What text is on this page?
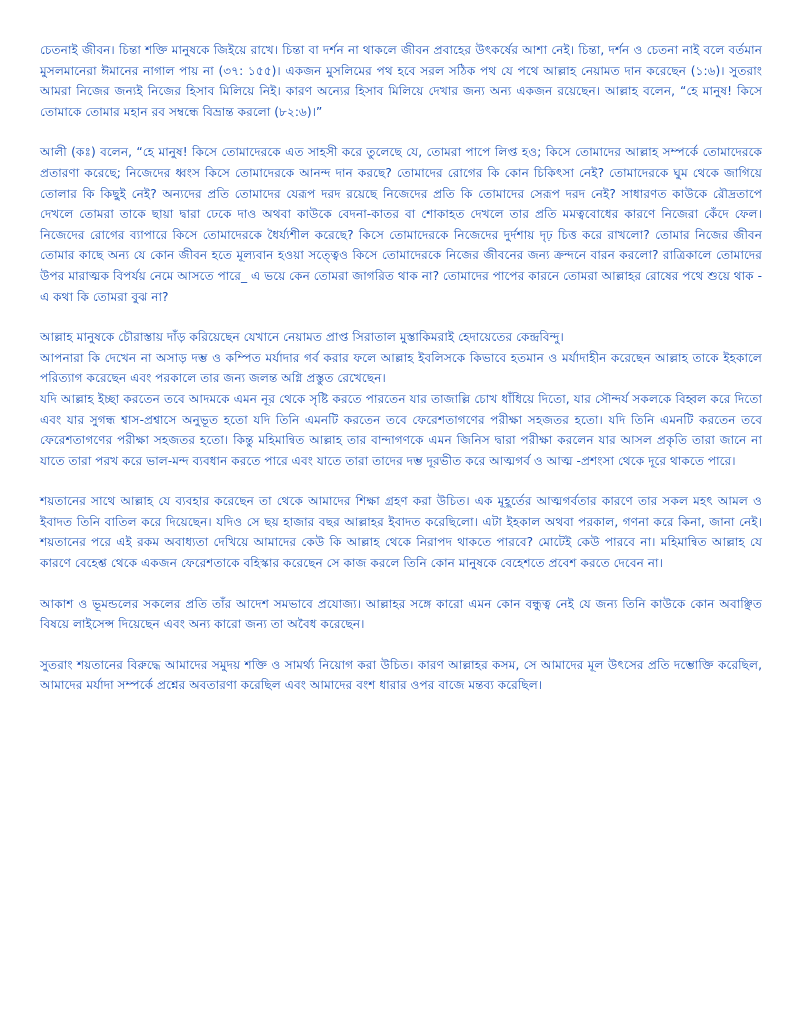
চেতনাই জীবন। চিন্তা শক্তি মানুষকে জিইয়ে রাখে। চিন্তা বা দর্শন না থাকলে জীবন প্রবাহের উৎকর্ষের আশা নেই। চিন্তা, দর্শন ও চেতনা নাই বলে বর্তমান মুসলমানেরা ঈমানের নাগাল পায় না (৩৭: ১৫৫)। একজন মুসলিমের পথ হবে সরল সঠিক পথ যে পথে আল্লাহ নেয়ামত দান করেছেন (১:৬)। সুতরাং আমরা নিজের জন্যই নিজের হিসাব মিলিয়ে নিই। কারণ অন্যের হিসাব মিলিয়ে দেখার জন্য অন্য একজন রয়েছেন। আল্লাহ বলেন, “হে মানুষ! কিসে তোমাকে তোমার মহান রব সম্বন্ধে বিভ্রান্ত করলো (৮২:৬)।”

আলী (কঃ) বলেন, “হে মানুষ! কিসে তোমাদেরকে এত সাহসী করে তুলেছে যে, তোমরা পাপে লিপ্ত হও; কিসে তোমাদের আল্লাহ সম্পর্কে তোমাদেরকে প্রতারণা করেছে; নিজেদের ধ্বংস কিসে তোমাদেরকে আনন্দ দান করছে? তোমাদের রোগের কি কোন চিকিৎসা নেই? তোমাদেরকে ঘুম থেকে জাগিয়ে তোলার কি কিছুই নেই? অন্যদের প্রতি তোমাদের যেরূপ দরদ রয়েছে নিজেদের প্রতি কি তোমাদের সেরূপ দরদ নেই? সাধারণত কাউকে রৌদ্রতাপে দেখলে তোমরা তাকে ছায়া দ্বারা ঢেকে দাও অথবা কাউকে বেদনা-কাতর বা শোকাহত দেখলে তার প্রতি মমত্ববোধের কারণে নিজেরা কেঁদে ফেল। নিজেদের রোগের ব্যাপারে কিসে তোমাদেরকে ধৈর্য্যশীল করেছে? কিসে তোমাদেরকে নিজেদের দুর্দশায় দৃঢ় চিত্ত করে রাখলো? তোমার নিজের জীবন তোমার কাছে অন্য যে কোন জীবন হতে মূল্যবান হওয়া সত্ত্বেও কিসে তোমাদেরকে নিজের জীবনের জন্য ক্রন্দনে বারন করলো? রাত্রিকালে তোমাদের উপর মারাত্মক বিপর্যয় নেমে আসতে পারে_ এ ভয়ে কেন তোমরা জাগরিত থাক না? তোমাদের পাপের কারনে তোমরা আল্লাহর রোষের পথে শুয়ে থাক - এ কথা কি তোমরা বুঝ না?

আল্লাহ মানুষকে চৌরাস্তায় দাঁড় করিয়েছেন যেখানে নেয়ামত প্রাপ্ত সিরাতাল মুস্তাকিমরাই হেদায়েতের কেন্দ্রবিন্দু।

আপনারা কি দেখেন না অসাড় দম্ভ ও কম্পিত মর্যাদার গর্ব করার ফলে আল্লাহ ইবলিসকে কিভাবে হতমান ও মর্যাদাহীন করেছেন আল্লাহ তাকে ইহকালে পরিত্যাগ করেছেন এবং পরকালে তার জন্য জলন্ত অগ্নি প্রস্তুত রেখেছেন।

যদি আল্লাহ ইচ্ছা করতেন তবে আদমকে এমন নূর থেকে সৃষ্টি করতে পারতেন যার তাজাল্লি চোখ ধাঁধিয়ে দিতো, যার সৌন্দর্য সকলকে বিহ্বল করে দিতো এবং যার সুগন্ধ শ্বাস-প্রশ্বাসে অনুভূত হতো যদি তিনি এমনটি করতেন তবে ফেরেশতাগণের পরীক্ষা সহজতর হতো। যদি তিনি এমনটি করতেন তবে ফেরেশতাগণের পরীক্ষা সহজতর হতো। কিন্তু মহিমান্বিত আল্লাহ তার বান্দাগণকে এমন জিনিস দ্বারা পরীক্ষা করলেন যার আসল প্রকৃতি তারা জানে না যাতে তারা পরখ করে ভাল-মন্দ ব্যবধান করতে পারে এবং যাতে তারা তাদের দম্ভ দূরভীত করে আত্মগর্ব ও আত্ম -প্রশংসা থেকে দূরে থাকতে পারে।

শয়তানের সাথে আল্লাহ যে ব্যবহার করেছেন তা থেকে আমাদের শিক্ষা গ্রহণ করা উচিত। এক মূহূর্তের আত্মগর্বতার কারণে তার সকল মহৎ আমল ও ইবাদত তিনি বাতিল করে দিয়েছেন। যদিও সে ছয় হাজার বছর আল্লাহর ইবাদত করেছিলো। এটা ইহকাল অথবা পরকাল, গণনা করে কিনা, জানা নেই। শয়তানের পরে এই রকম অবাধ্যতা দেখিয়ে আমাদের কেউ কি আল্লাহ থেকে নিরাপদ থাকতে পারবে? মোটেই কেউ পারবে না। মহিমান্বিত আল্লাহ যে কারণে বেহেশ্ত থেকে একজন ফেরেশতাকে বহিস্কার করেছেন সে কাজ করলে তিনি কোন মানুষকে বেহেশতে প্রবেশ করতে দেবেন না।

আকাশ ও ভূমন্ডলের সকলের প্রতি তাঁর আদেশ সমভাবে প্রযোজ্য। আল্লাহর সঙ্গে কারো এমন কোন বন্ধুত্ব নেই যে জন্য তিনি কাউকে কোন অবাঞ্ছিত বিষয়ে লাইসেন্স দিয়েছেন এবং অন্য কারো জন্য তা অবৈধ করেছেন।

সুতরাং শয়তানের বিরুদ্ধে আমাদের সমুদয় শক্তি ও সামর্থ্য নিয়োগ করা উচিত। কারণ আল্লাহর কসম, সে আমাদের মূল উৎসের প্রতি দম্ভোক্তি করেছিল, আমাদের মর্যাদা সম্পর্কে প্রশ্নের অবতারণা করেছিল এবং আমাদের বংশ ধারার ওপর বাজে মন্তব্য করেছিল।
